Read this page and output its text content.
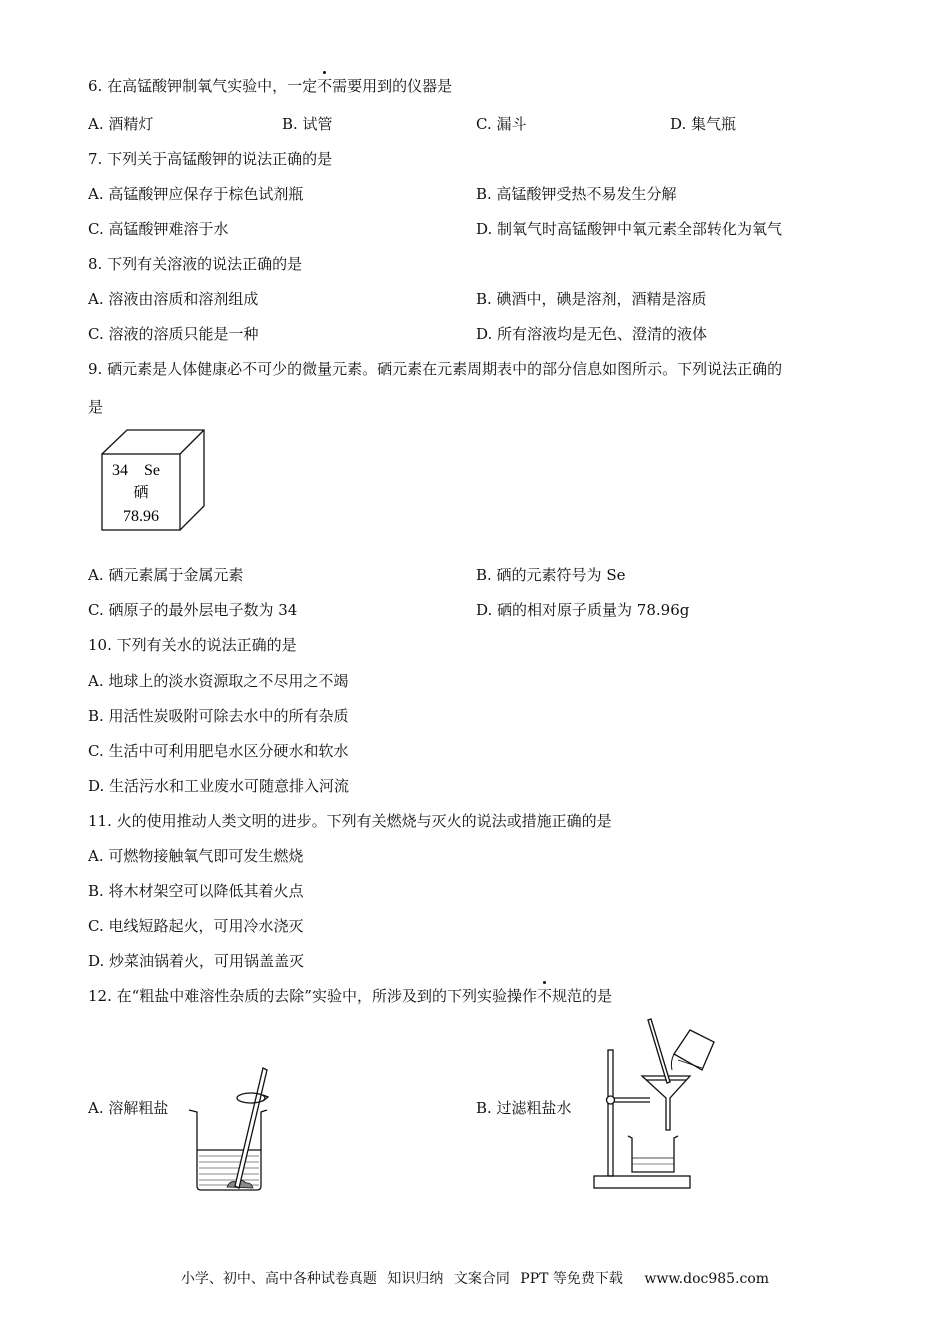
6. 在高锰酸钾制氧气实验中，一定不需要用到的仪器是
A. 酒精灯	B. 试管	C. 漏斗	D. 集气瓶
7. 下列关于高锰酸钾的说法正确的是
A. 高锰酸钾应保存于棕色试剂瓶	B. 高锰酸钾受热不易发生分解
C. 高锰酸钾难溶于水	D. 制氧气时高锰酸钾中氧元素全部转化为氧气
8. 下列有关溶液的说法正确的是
A. 溶液由溶质和溶剂组成	B. 碘酒中，碘是溶剂，酒精是溶质
C. 溶液的溶质只能是一种	D. 所有溶液均是无色、澄清的液体
9. 硒元素是人体健康必不可少的微量元素。硒元素在元素周期表中的部分信息如图所示。下列说法正确的
是
34 Se
硒
78.96
A. 硒元素属于金属元素	B. 硒的元素符号为 Se
C. 硒原子的最外层电子数为 34	D. 硒的相对原子质量为 78.96g
10. 下列有关水的说法正确的是
A. 地球上的淡水资源取之不尽用之不竭
B. 用活性炭吸附可除去水中的所有杂质
C. 生活中可利用肥皂水区分硬水和软水
D. 生活污水和工业废水可随意排入河流
11. 火的使用推动人类文明的进步。下列有关燃烧与灭火的说法或措施正确的是
A. 可燃物接触氧气即可发生燃烧
B. 将木材架空可以降低其着火点
C. 电线短路起火，可用冷水浇灭
D. 炒菜油锅着火，可用锅盖盖灭
12. 在“粗盐中难溶性杂质的去除”实验中，所涉及到的下列实验操作不规范的是
A. 溶解粗盐	B. 过滤粗盐水
小学、初中、高中各种试卷真题 知识归纳 文案合同 PPT 等免费下载 www.doc985.com
